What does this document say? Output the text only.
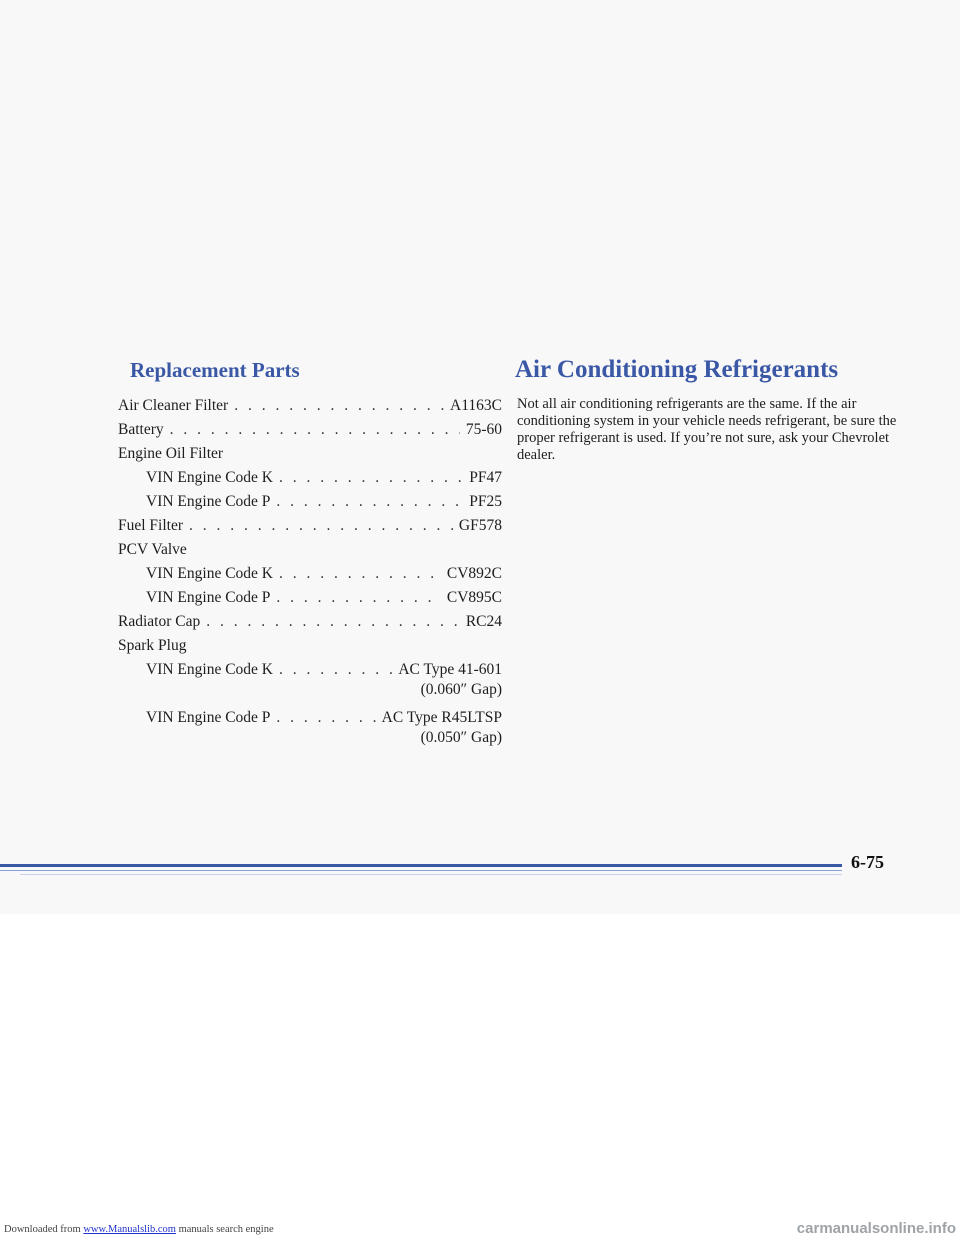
Replacement Parts
Air Cleaner Filter . . .	A1163C
Battery . . .	75-60
Engine Oil Filter
VIN Engine Code K . . .	PF47
VIN Engine Code P . . .	PF25
Fuel Filter . . .	GF578
PCV Valve
VIN Engine Code K . . .	CV892C
VIN Engine Code P . . .	CV895C
Radiator Cap . . .	RC24
Spark Plug
VIN Engine Code K . . .	AC Type 41-601
(0.060″ Gap)
VIN Engine Code P . . .	AC Type R45LTSP
(0.050″ Gap)
Air Conditioning Refrigerants

Not all air conditioning refrigerants are the same. If the air conditioning system in your vehicle needs refrigerant, be sure the proper refrigerant is used. If you’re not sure, ask your Chevrolet dealer.

6-75
Downloaded from www.Manualslib.com manuals search engine	carmanualsonline.info
